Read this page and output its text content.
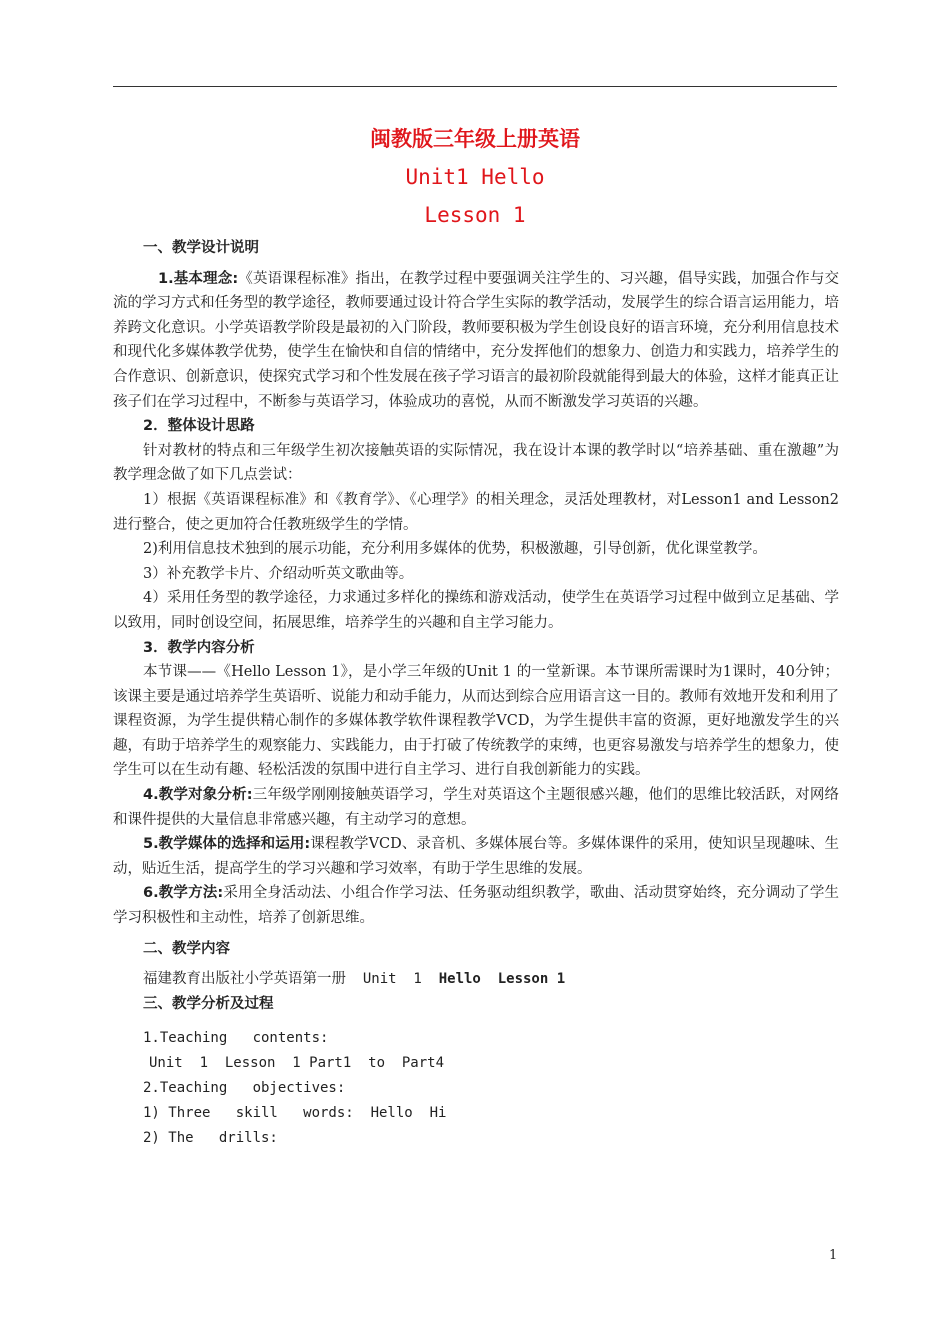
闽教版三年级上册英语
Unit1 Hello
Lesson 1
一、教学设计说明

1.基本理念:《英语课程标准》指出，在教学过程中要强调关注学生的、习兴趣，倡导实践，加强合作与交流的学习方式和任务型的教学途径，教师要通过设计符合学生实际的教学活动，发展学生的综合语言运用能力，培养跨文化意识。小学英语教学阶段是最初的入门阶段，教师要积极为学生创设良好的语言环境，充分利用信息技术和现代化多媒体教学优势，使学生在愉快和自信的情绪中，充分发挥他们的想象力、创造力和实践力，培养学生的合作意识、创新意识，使探究式学习和个性发展在孩子学习语言的最初阶段就能得到最大的体验，这样才能真正让孩子们在学习过程中，不断参与英语学习，体验成功的喜悦，从而不断激发学习英语的兴趣。

2．整体设计思路

针对教材的特点和三年级学生初次接触英语的实际情况，我在设计本课的教学时以“培养基础、重在激趣”为教学理念做了如下几点尝试：

1）根据《英语课程标准》和《教育学》、《心理学》的相关理念，灵活处理教材，对Lesson1 and Lesson2进行整合，使之更加符合任教班级学生的学情。

2)利用信息技术独到的展示功能，充分利用多媒体的优势，积极激趣，引导创新，优化课堂教学。

3）补充教学卡片、介绍动听英文歌曲等。

4）采用任务型的教学途径，力求通过多样化的操练和游戏活动，使学生在英语学习过程中做到立足基础、学以致用，同时创设空间，拓展思维，培养学生的兴趣和自主学习能力。

3．教学内容分析

本节课——《Hello Lesson 1》，是小学三年级的Unit 1 的一堂新课。本节课所需课时为1课时，40分钟；该课主要是通过培养学生英语听、说能力和动手能力，从而达到综合应用语言这一目的。教师有效地开发和利用了课程资源，为学生提供精心制作的多媒体教学软件课程教学VCD，为学生提供丰富的资源，更好地激发学生的兴趣，有助于培养学生的观察能力、实践能力，由于打破了传统教学的束缚，也更容易激发与培养学生的想象力，使学生可以在生动有趣、轻松活泼的氛围中进行自主学习、进行自我创新能力的实践。

4.教学对象分析:三年级学刚刚接触英语学习，学生对英语这个主题很感兴趣，他们的思维比较活跃，对网络和课件提供的大量信息非常感兴趣，有主动学习的意想。

5.教学媒体的选择和运用:课程教学VCD、录音机、多媒体展台等。多媒体课件的采用，使知识呈现趣味、生动，贴近生活，提高学生的学习兴趣和学习效率，有助于学生思维的发展。

6.教学方法:采用全身活动法、小组合作学习法、任务驱动组织教学，歌曲、活动贯穿始终，充分调动了学生学习积极性和主动性，培养了创新思维。

二、教学内容

福建教育出版社小学英语第一册  Unit  1  Hello  Lesson 1

三、教学分析及过程
1.Teaching   contents:
Unit  1  Lesson  1 Part1  to  Part4
2.Teaching   objectives:
1) Three   skill   words:  Hello  Hi
2) The   drills:
1
